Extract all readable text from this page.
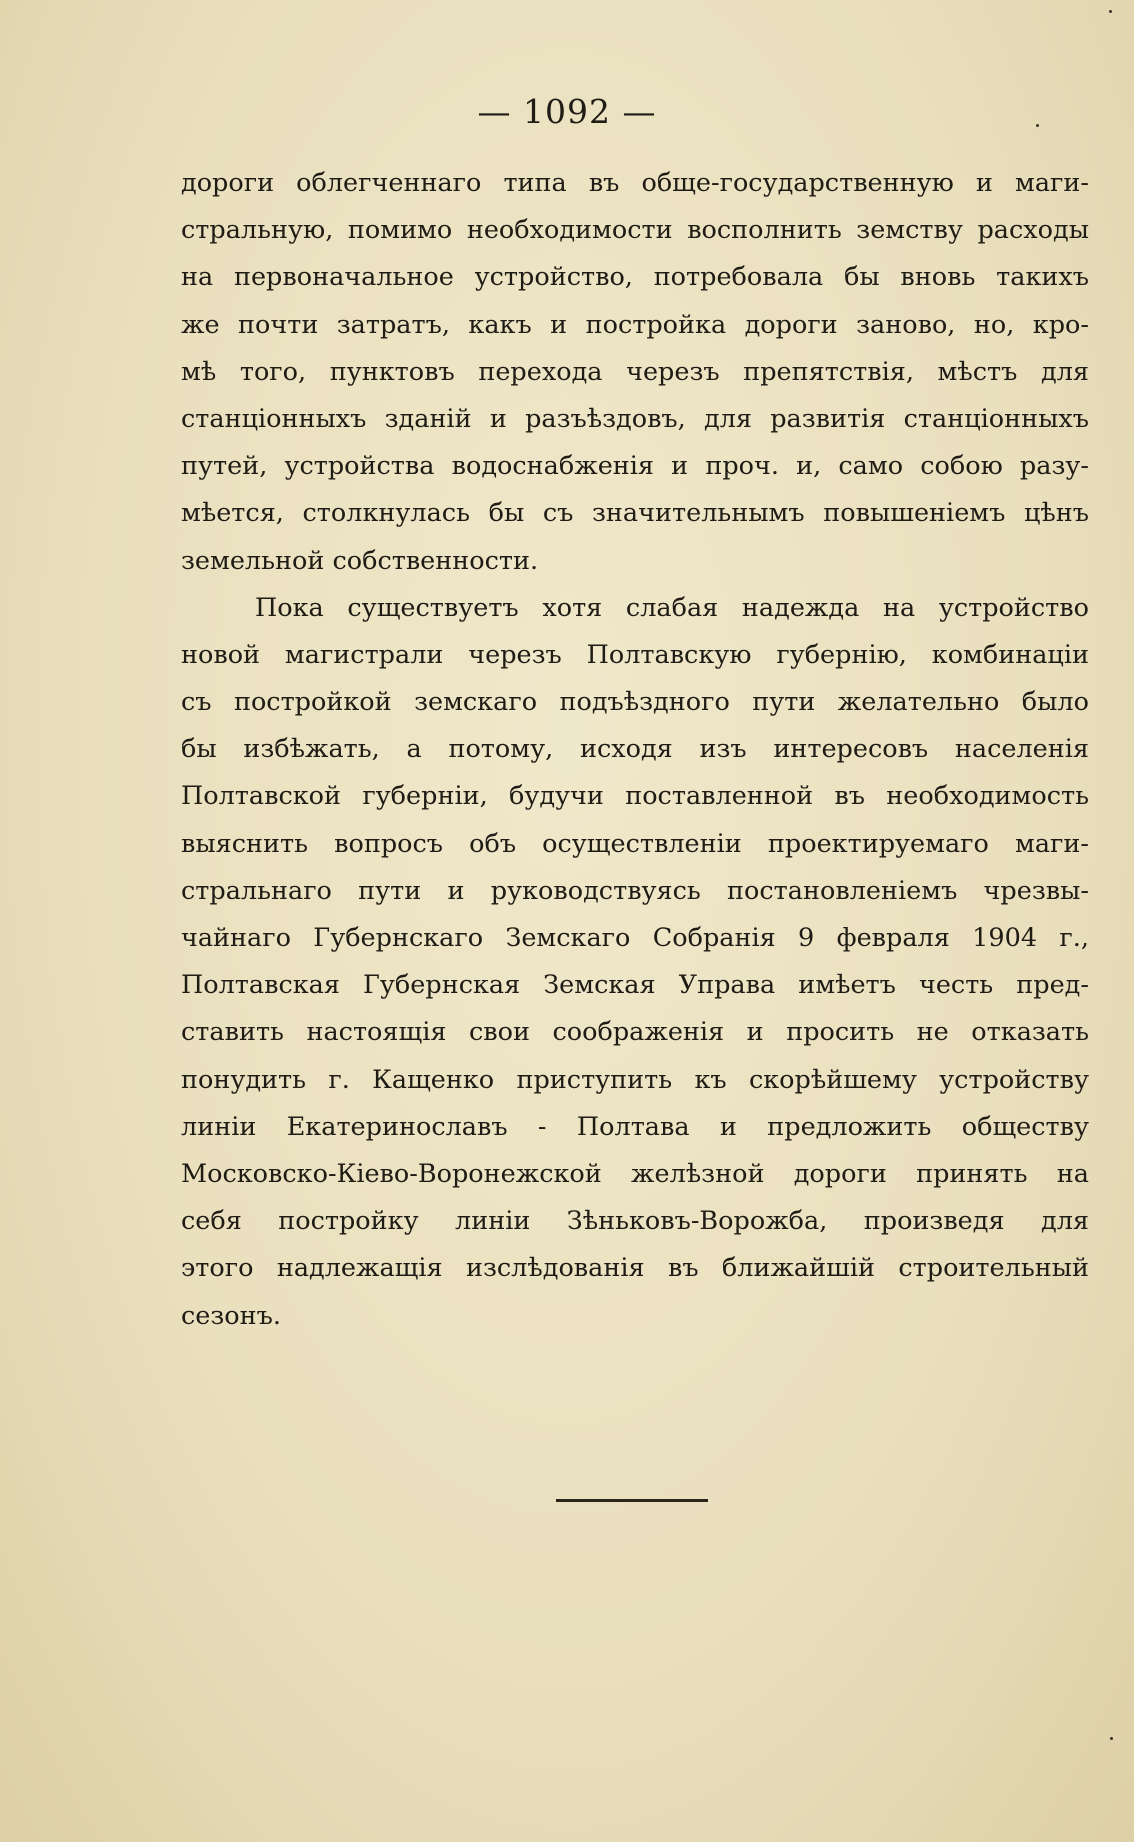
— 1092 —
дороги облегченнаго типа въ обще-государственную и маги-
стральную, помимо необходимости восполнить земству расходы
на первоначальное устройство, потребовала бы вновь такихъ
же почти затратъ, какъ и постройка дороги заново, но, кро-
мѣ того, пунктовъ перехода черезъ препятствія, мѣстъ для
станціонныхъ зданій и разъѣздовъ, для развитія станціонныхъ
путей, устройства водоснабженія и проч. и, само собою разу-
мѣется, столкнулась бы съ значительнымъ повышеніемъ цѣнъ
земельной собственности.
Пока существуетъ хотя слабая надежда на устройство
новой магистрали черезъ Полтавскую губернію, комбинаціи
съ постройкой земскаго подъѣздного пути желательно было
бы избѣжать, а потому, исходя изъ интересовъ населенія
Полтавской губерніи, будучи поставленной въ необходимость
выяснить вопросъ объ осуществленіи проектируемаго маги-
стральнаго пути и руководствуясь постановленіемъ чрезвы-
чайнаго Губернскаго Земскаго Собранія 9 февраля 1904 г.,
Полтавская Губернская Земская Управа имѣетъ честь пред-
ставить настоящія свои соображенія и просить не отказать
понудить г. Кащенко приступить къ скорѣйшему устройству
линіи Екатеринославъ - Полтава и предложить обществу
Московско-Кіево-Воронежской желѣзной дороги принять на
себя постройку линіи Зѣньковъ-Ворожба, произведя для
этого надлежащія изслѣдованія въ ближайшій строительный
сезонъ.
